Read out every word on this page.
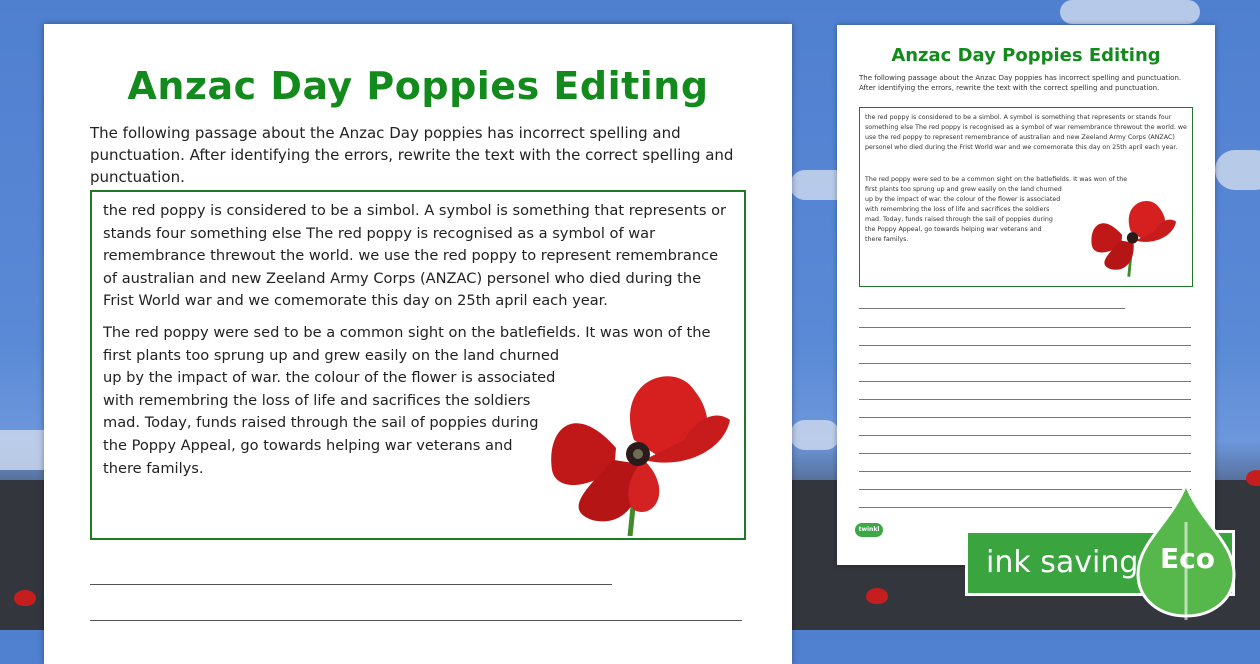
Anzac Day Poppies Editing
The following passage about the Anzac Day poppies has incorrect spelling and punctuation. After identifying the errors, rewrite the text with the correct spelling and punctuation.

the red poppy is considered to be a simbol. A symbol is something that represents or stands four something else The red poppy is recognised as a symbol of war remembrance threwout the world. we use the red poppy to represent remembrance of australian and new Zeeland Army Corps (ANZAC) personel who died during the Frist World war and we comemorate this day on 25th april each year.

The red poppy were sed to be a common sight on the batlefields. It was won of the
first plants too sprung up and grew easily on the land churned
up by the impact of war. the colour of the flower is associated
with remembring the loss of life and sacrifices the soldiers
mad. Today, funds raised through the sail of poppies during
the Poppy Appeal, go towards helping war veterans and
there familys.

Anzac Day Poppies Editing
The following passage about the Anzac Day poppies has incorrect spelling and punctuation. After identifying the errors, rewrite the text with the correct spelling and punctuation.

the red poppy is considered to be a simbol. A symbol is something that represents or stands four something else The red poppy is recognised as a symbol of war remembrance threwout the world. we use the red poppy to represent remembrance of australian and new Zeeland Army Corps (ANZAC) personel who died during the Frist World war and we comemorate this day on 25th april each year.

The red poppy were sed to be a common sight on the batlefields. It was won of the
first plants too sprung up and grew easily on the land churned
up by the impact of war. the colour of the flower is associated
with remembring the loss of life and sacrifices the soldiers
mad. Today, funds raised through the sail of poppies during
the Poppy Appeal, go towards helping war veterans and
there familys.

twinkl
ink saving Eco
